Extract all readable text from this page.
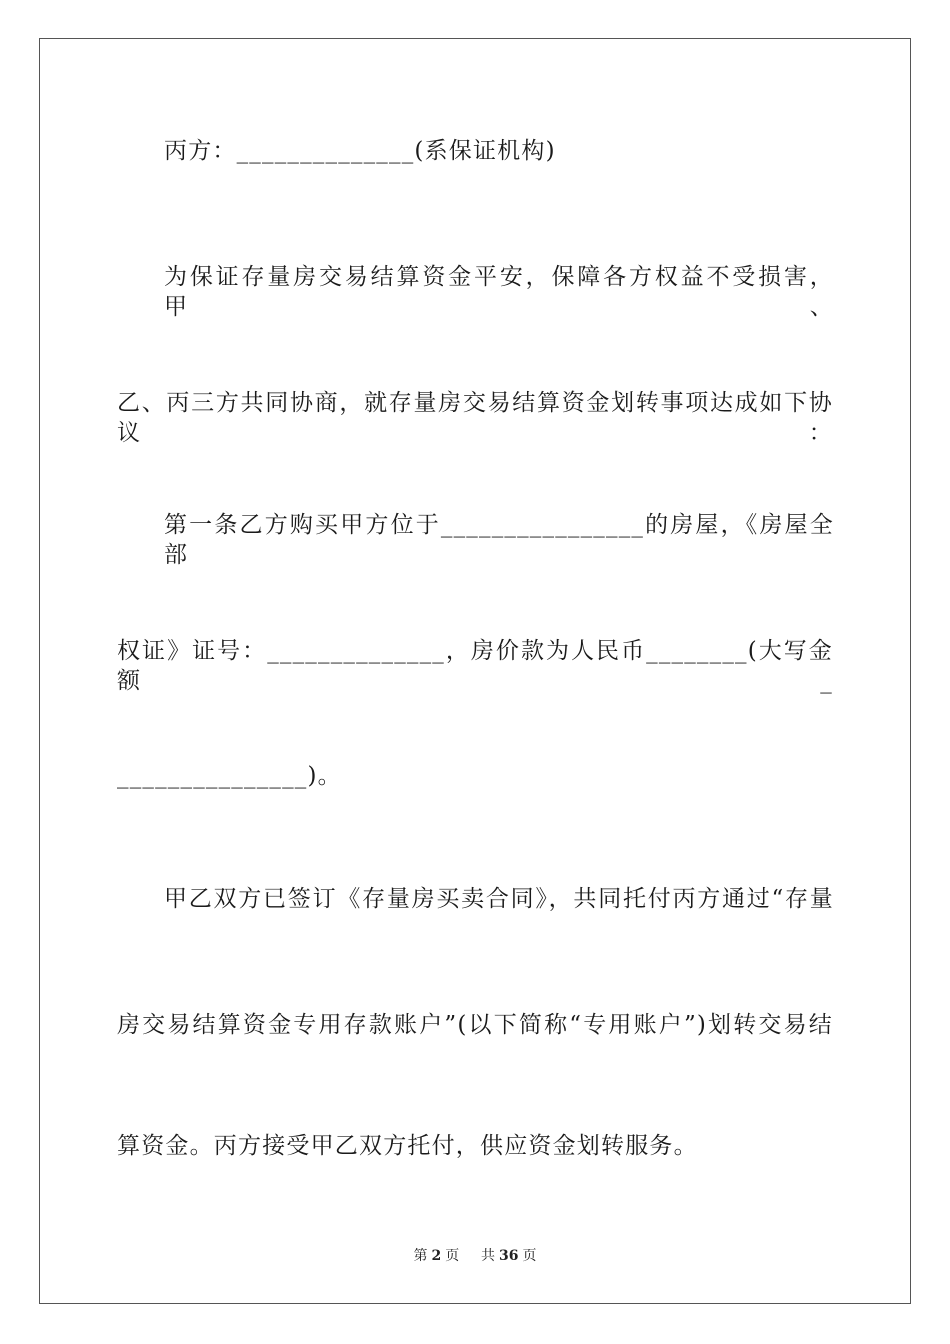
丙方：______________(系保证机构)
为保证存量房交易结算资金平安，保障各方权益不受损害，甲、
乙、丙三方共同协商，就存量房交易结算资金划转事项达成如下协议：
第一条乙方购买甲方位于________________的房屋，《房屋全部
权证》证号：______________，房价款为人民币________(大写金额_
_______________)。
甲乙双方已签订《存量房买卖合同》，共同托付丙方通过“存量
房交易结算资金专用存款账户”(以下简称“专用账户”)划转交易结
算资金。丙方接受甲乙双方托付，供应资金划转服务。
第 2 页 共 36 页
